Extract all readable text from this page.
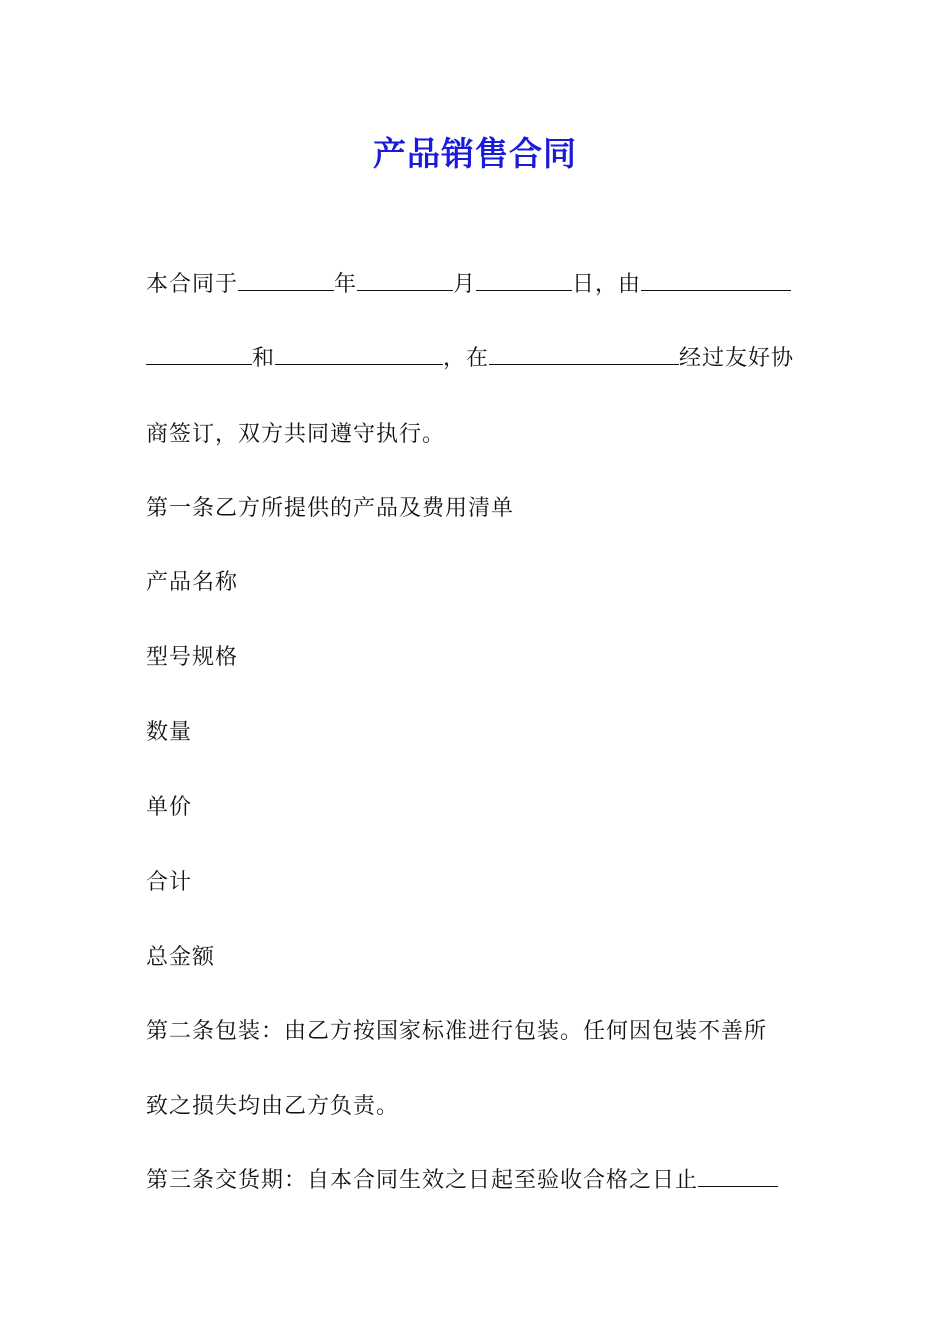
产品销售合同
本合同于	年	月	日，由
和	，在	经过友好协
商签订，双方共同遵守执行。
第一条乙方所提供的产品及费用清单
产品名称
型号规格
数量
单价
合计
总金额
第二条包装：由乙方按国家标准进行包装。任何因包装不善所
致之损失均由乙方负责。
第三条交货期：自本合同生效之日起至验收合格之日止
